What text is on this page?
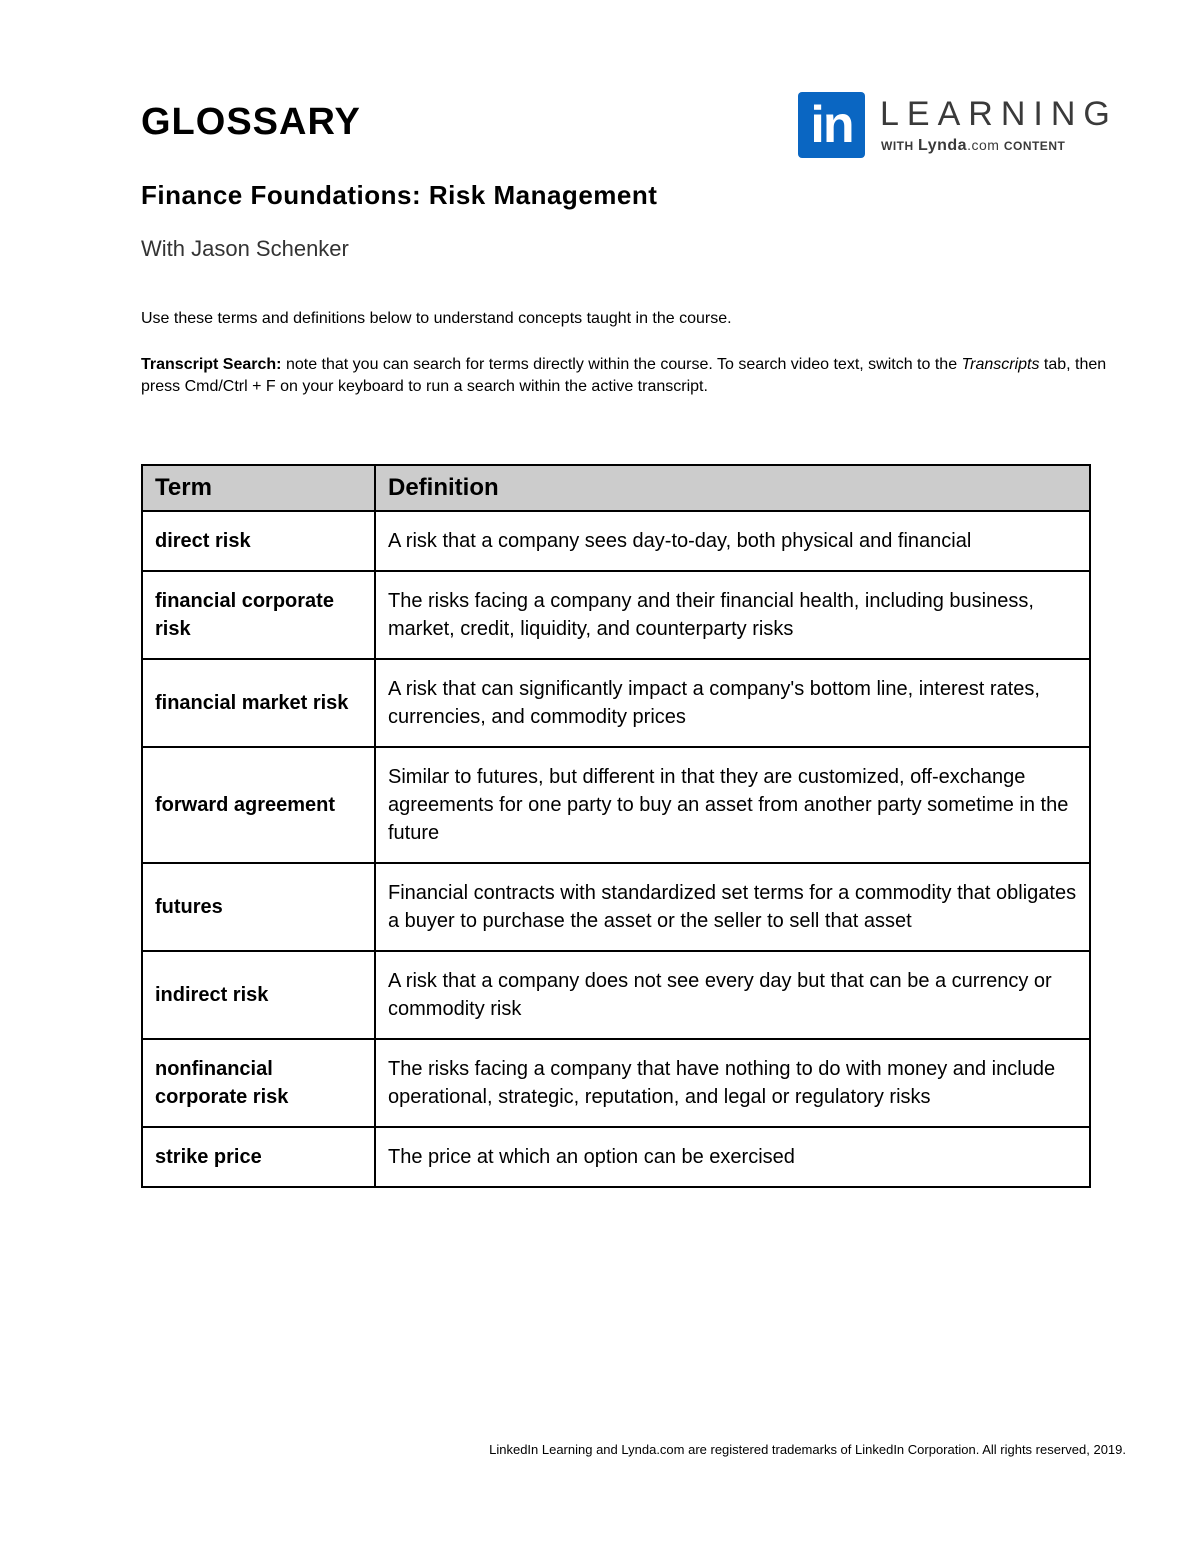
GLOSSARY	in LEARNING
WITH Lynda.com CONTENT
Finance Foundations: Risk Management
With Jason Schenker
Use these terms and definitions below to understand concepts taught in the course.
Transcript Search: note that you can search for terms directly within the course. To search video text, switch to the Transcripts tab, then press Cmd/Ctrl + F on your keyboard to run a search within the active transcript.
Term	Definition
direct risk	A risk that a company sees day-to-day, both physical and financial
financial corporate risk	The risks facing a company and their financial health, including business, market, credit, liquidity, and counterparty risks
financial market risk	A risk that can significantly impact a company's bottom line, interest rates, currencies, and commodity prices
forward agreement	Similar to futures, but different in that they are customized, off-exchange agreements for one party to buy an asset from another party sometime in the future
futures	Financial contracts with standardized set terms for a commodity that obligates a buyer to purchase the asset or the seller to sell that asset
indirect risk	A risk that a company does not see every day but that can be a currency or commodity risk
nonfinancial corporate risk	The risks facing a company that have nothing to do with money and include operational, strategic, reputation, and legal or regulatory risks
strike price	The price at which an option can be exercised
LinkedIn Learning and Lynda.com are registered trademarks of LinkedIn Corporation. All rights reserved, 2019.
